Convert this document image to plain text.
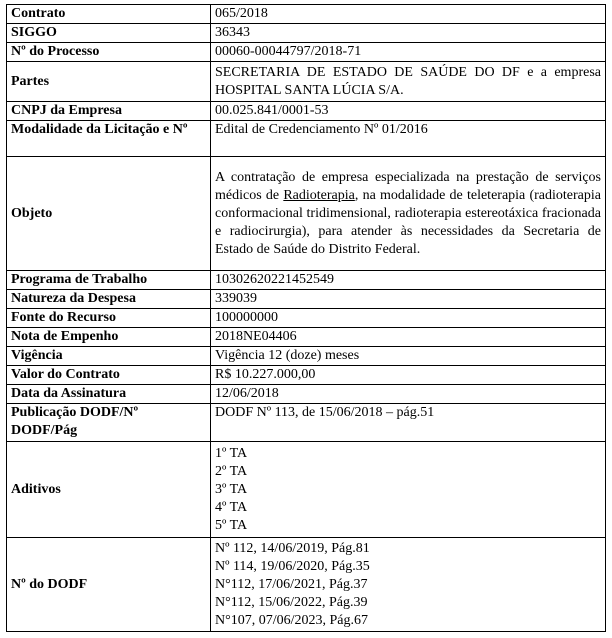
Contrato	065/2018
SIGGO	36343
Nº do Processo	00060-00044797/2018-71
Partes	SECRETARIA DE ESTADO DE SAÚDE DO DF e a empresa HOSPITAL SANTA LÚCIA S/A.
CNPJ da Empresa	00.025.841/0001-53
Modalidade da Licitação e Nº	Edital de Credenciamento Nº 01/2016
Objeto	A contratação de empresa especializada na prestação de serviços médicos de Radioterapia, na modalidade de teleterapia (radioterapia conformacional tridimensional, radioterapia estereotáxica fracionada e radiocirurgia), para atender às necessidades da Secretaria de Estado de Saúde do Distrito Federal.
Programa de Trabalho	10302620221452549
Natureza da Despesa	339039
Fonte do Recurso	100000000
Nota de Empenho	2018NE04406
Vigência	Vigência 12 (doze) meses
Valor do Contrato	R$ 10.227.000,00
Data da Assinatura	12/06/2018
Publicação DODF/Nº DODF/Pág	DODF Nº 113, de 15/06/2018 – pág.51
Aditivos	1º TA
2º TA
3º TA
4º TA
5º TA

Nº do DODF	Nº 112, 14/06/2019, Pág.81
Nº 114, 19/06/2020, Pág.35
N°112, 17/06/2021, Pág.37
N°112, 15/06/2022, Pág.39
N°107, 07/06/2023, Pág.67
